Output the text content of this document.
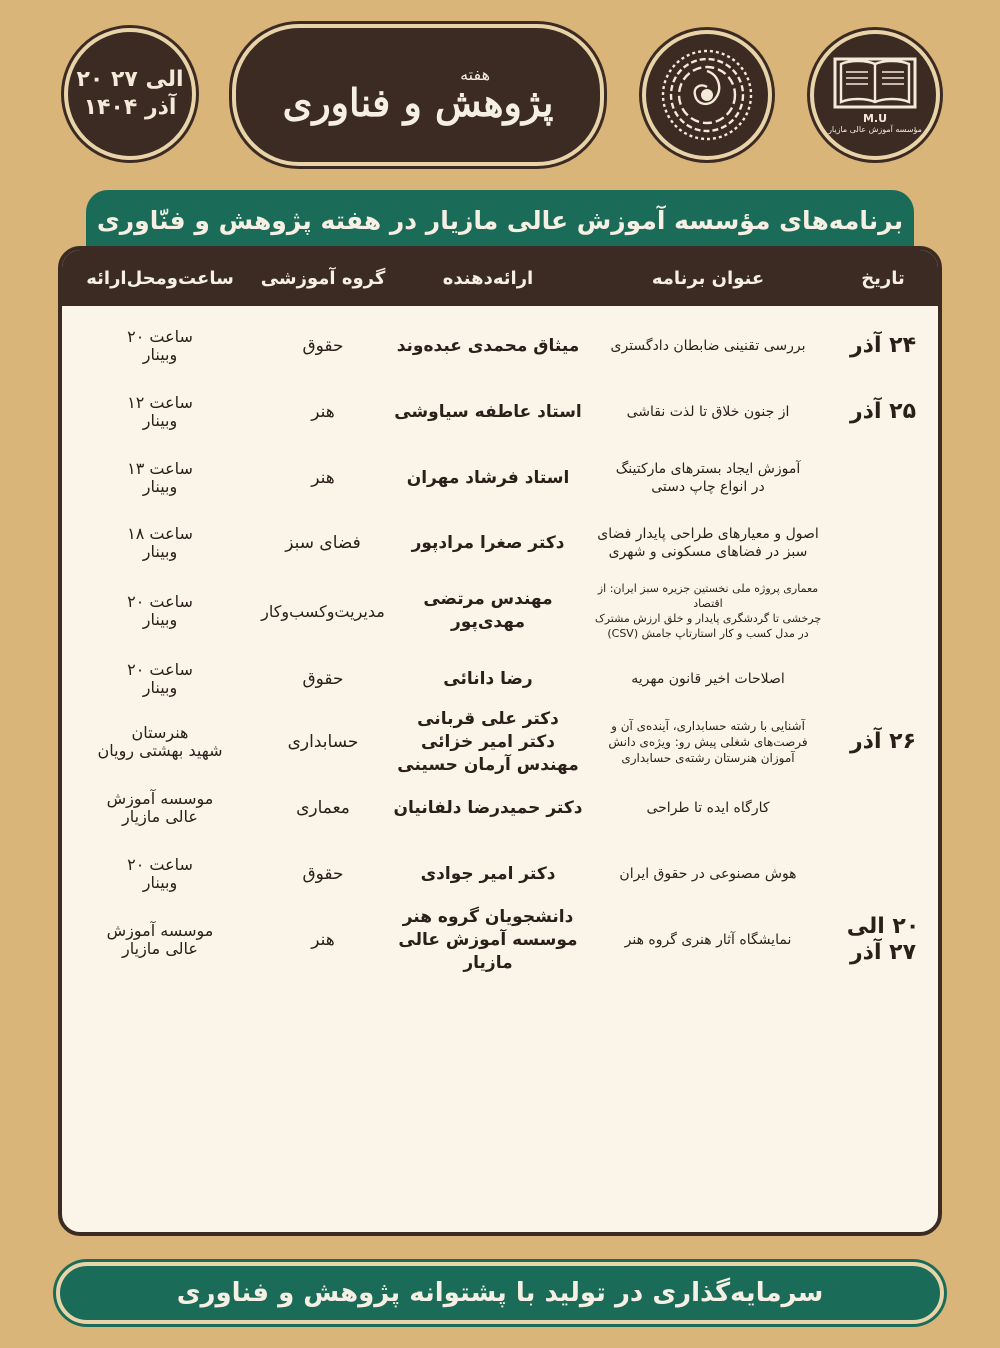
۲۰ الی ۲۷
آذر ۱۴۰۴
هفته
پژوهش و فناوری	M.U
مؤسسه آموزش عالی مازیار
برنامه‌های مؤسسه آموزش عالی مازیار در هفته پژوهش و فنّاوری
تاریخ
عنوان برنامه
ارائه‌دهنده
گروه آموزشی
ساعت‌ومحل‌ارائه
۲۴ آذر
بررسی تقنینی ضابطان دادگستری
میثاق محمدی عبده‌وند
حقوق
ساعت ۲۰
وبینار
۲۵ آذر
از جنون خلاق تا لذت نقاشی
استاد عاطفه سیاوشی
هنر
ساعت ۱۲
وبینار
آموزش ایجاد بسترهای مارکتینگ
در انواع چاپ دستی
استاد فرشاد مهران
هنر
ساعت ۱۳
وبینار
اصول و معیارهای طراحی پایدار فضای
سبز در فضاهای مسکونی و شهری
دکتر صغرا مرادپور
فضای سبز
ساعت ۱۸
وبینار
معماری پروژه ملی نخستین جزیره سبز ایران: از اقتصاد
چرخشی تا گردشگری پایدار و خلق ارزش مشترک
در مدل کسب و کار استارتاپ جامش (CSV)
مهندس مرتضی مهدی‌پور
مدیریت‌وکسب‌وکار
ساعت ۲۰
وبینار
اصلاحات اخیر قانون مهریه
رضا دانائی
حقوق
ساعت ۲۰
وبینار
۲۶ آذر
آشنایی با رشته حسابداری، آینده‌ی آن و
فرصت‌های شغلی پیش رو: ویژه‌ی دانش
آموزان هنرستان رشته‌ی حسابداری
دکتر علی قربانی
دکتر امیر خزائی
مهندس آرمان حسینی
حسابداری
هنرستان
شهید بهشتی رویان
کارگاه ایده تا طراحی
دکتر حمیدرضا دلفانیان
معماری
موسسه آموزش
عالی مازیار
هوش مصنوعی در حقوق ایران
دکتر امیر جوادی
حقوق
ساعت ۲۰
وبینار
۲۰ الی
۲۷ آذر
نمایشگاه آثار هنری گروه هنر
دانشجویان گروه هنر
موسسه آموزش عالی مازیار
هنر
موسسه آموزش
عالی مازیار
سرمایه‌گذاری در تولید با پشتوانه پژوهش و فناوری
